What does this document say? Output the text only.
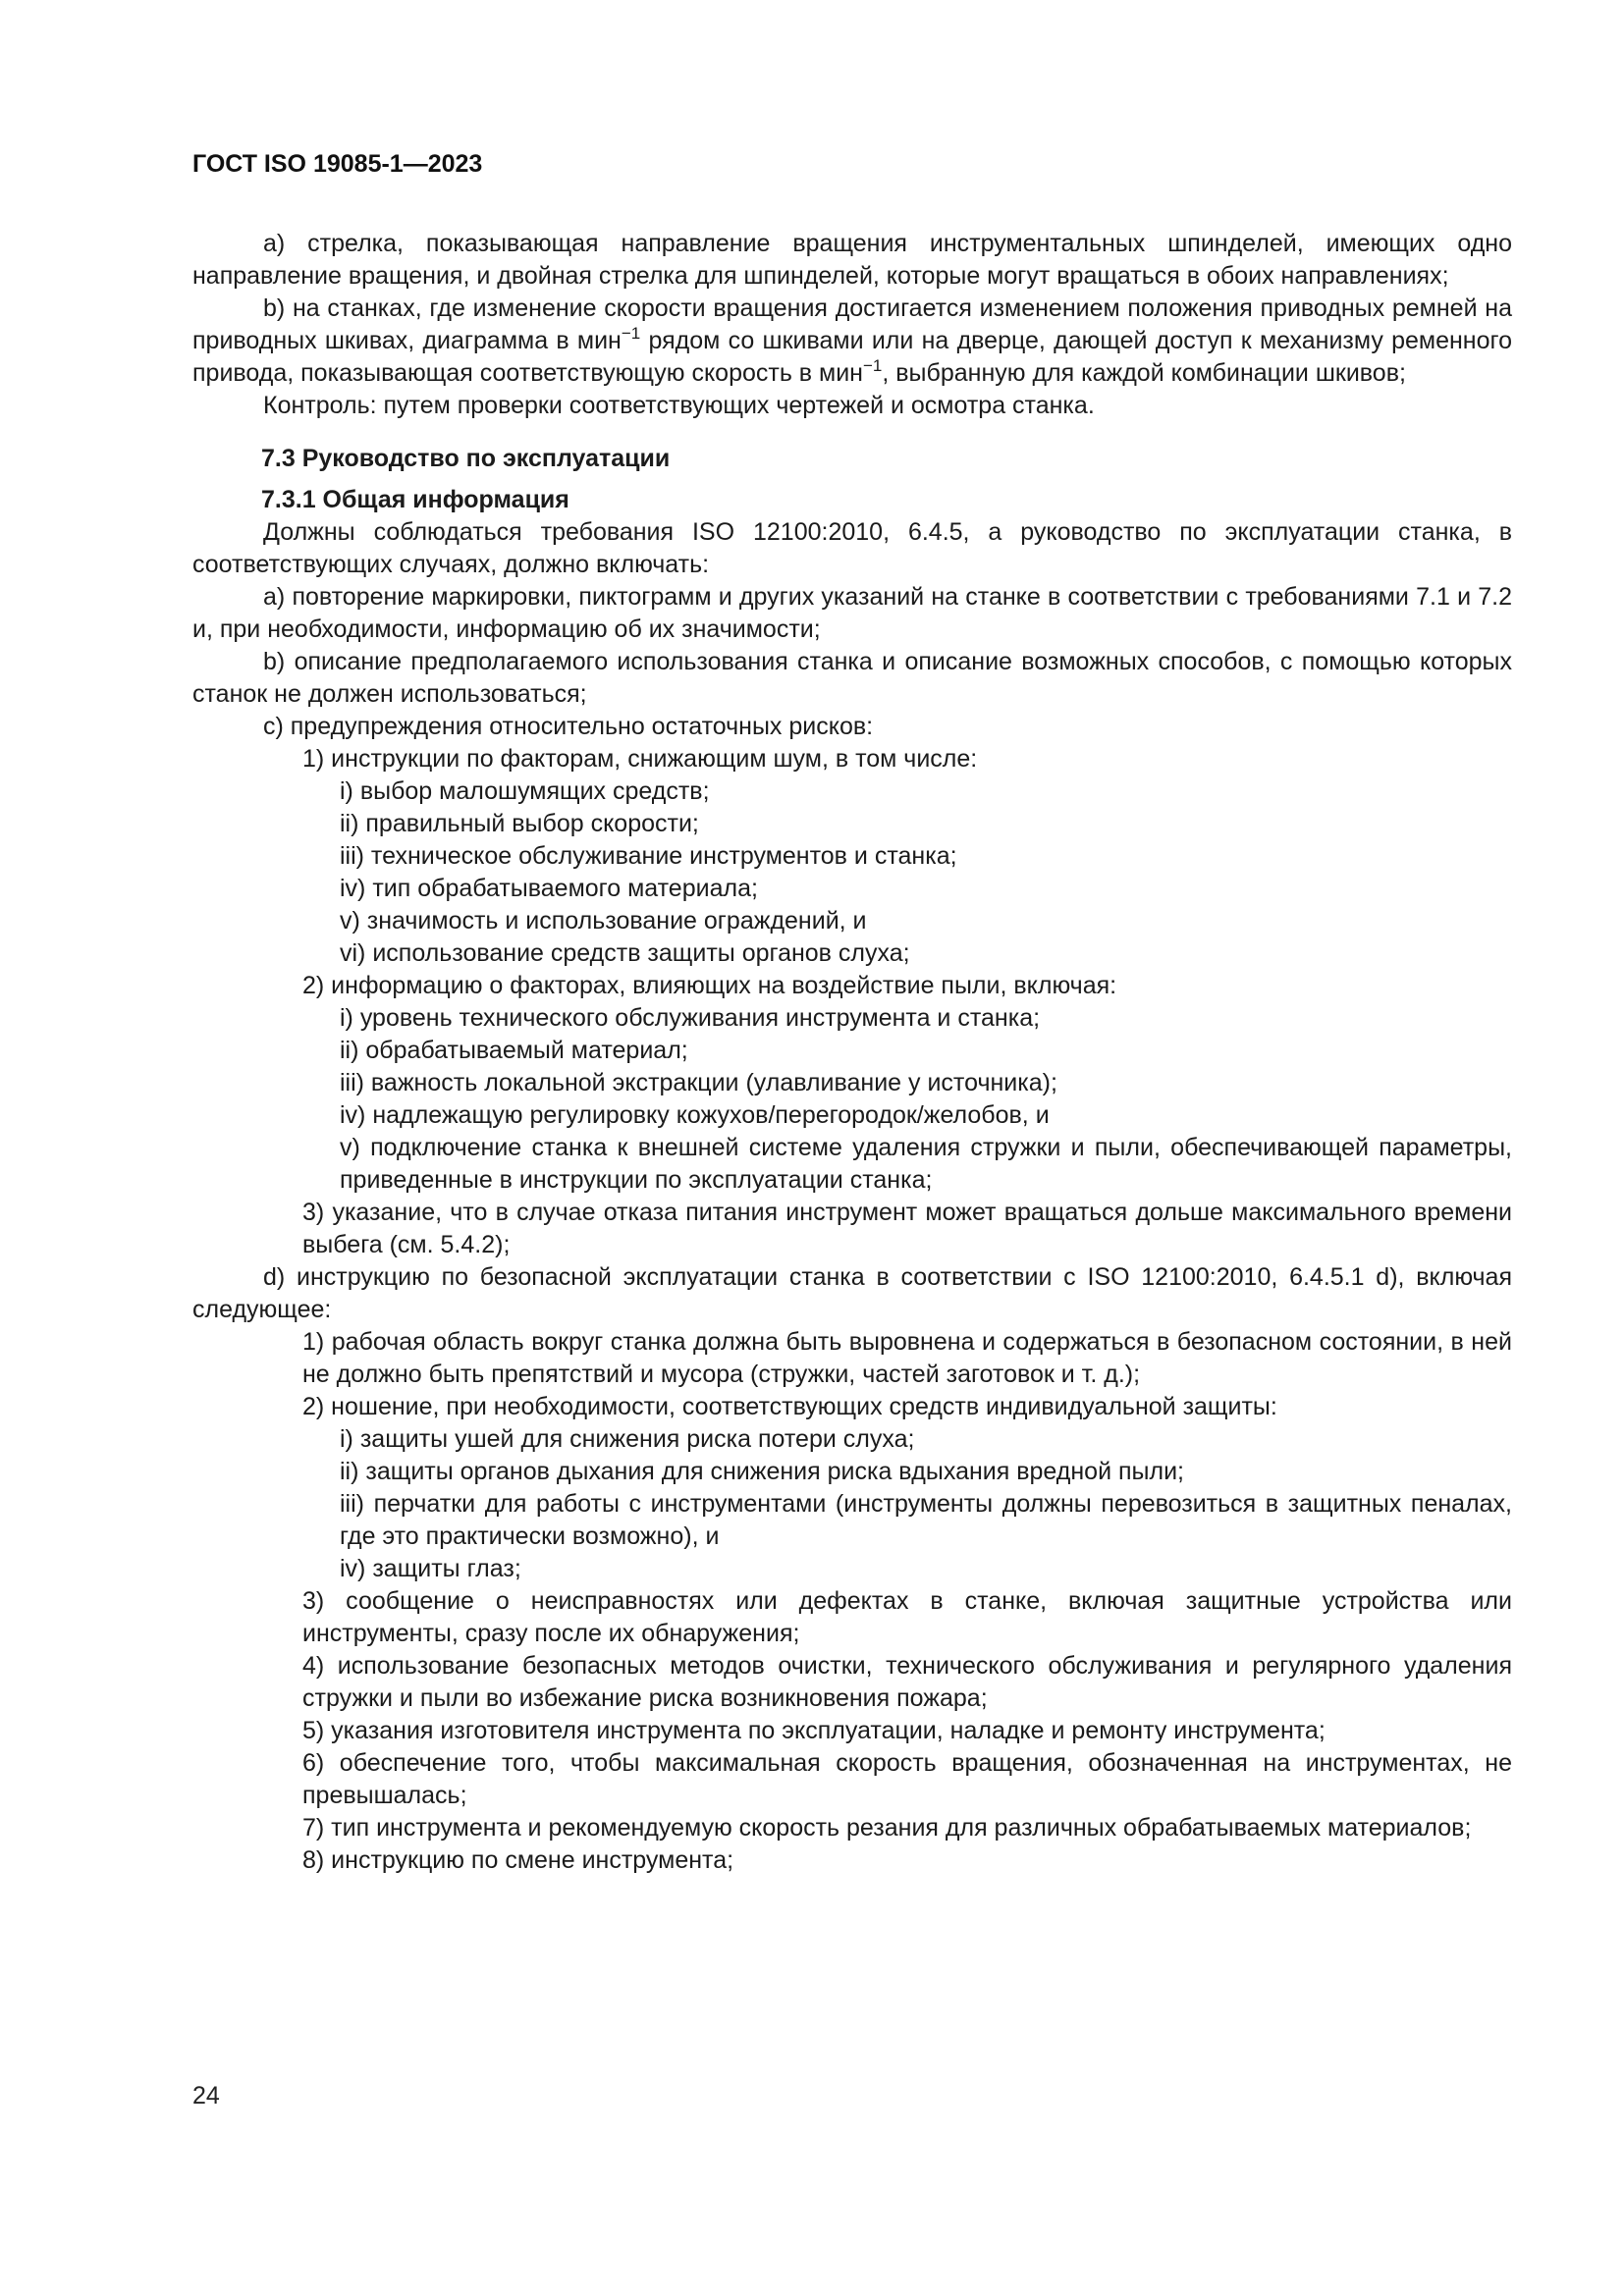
ГОСТ ISO 19085-1—2023

а) стрелка, показывающая направление вращения инструментальных шпинделей, имеющих одно направление вращения, и двойная стрелка для шпинделей, которые могут вращаться в обоих направлениях;

b) на станках, где изменение скорости вращения достигается изменением положения приводных ремней на приводных шкивах, диаграмма в мин$^{-1}$ рядом со шкивами или на дверце, дающей доступ к механизму ременного привода, показывающая соответствующую скорость в мин$^{-1}$, выбранную для каждой комбинации шкивов;

Контроль: путем проверки соответствующих чертежей и осмотра станка.

7.3 Руководство по эксплуатации

7.3.1 Общая информация

Должны соблюдаться требования ISO 12100:2010, 6.4.5, а руководство по эксплуатации станка, в соответствующих случаях, должно включать:

а) повторение маркировки, пиктограмм и других указаний на станке в соответствии с требованиями 7.1 и 7.2 и, при необходимости, информацию об их значимости;

b) описание предполагаемого использования станка и описание возможных способов, с помощью которых станок не должен использоваться;

с) предупреждения относительно остаточных рисков:

1) инструкции по факторам, снижающим шум, в том числе:

i) выбор малошумящих средств;

ii) правильный выбор скорости;

iii) техническое обслуживание инструментов и станка;

iv) тип обрабатываемого материала;

v) значимость и использование ограждений, и

vi) использование средств защиты органов слуха;

2) информацию о факторах, влияющих на воздействие пыли, включая:

i) уровень технического обслуживания инструмента и станка;

ii) обрабатываемый материал;

iii) важность локальной экстракции (улавливание у источника);

iv) надлежащую регулировку кожухов/перегородок/желобов, и

v) подключение станка к внешней системе удаления стружки и пыли, обеспечивающей параметры, приведенные в инструкции по эксплуатации станка;

3) указание, что в случае отказа питания инструмент может вращаться дольше максимального времени выбега (см. 5.4.2);

d) инструкцию по безопасной эксплуатации станка в соответствии с ISO 12100:2010, 6.4.5.1 d), включая следующее:

1) рабочая область вокруг станка должна быть выровнена и содержаться в безопасном состоянии, в ней не должно быть препятствий и мусора (стружки, частей заготовок и т. д.);

2) ношение, при необходимости, соответствующих средств индивидуальной защиты:

i) защиты ушей для снижения риска потери слуха;

ii) защиты органов дыхания для снижения риска вдыхания вредной пыли;

iii) перчатки для работы с инструментами (инструменты должны перевозиться в защитных пеналах, где это практически возможно), и

iv) защиты глаз;

3) сообщение о неисправностях или дефектах в станке, включая защитные устройства или инструменты, сразу после их обнаружения;

4) использование безопасных методов очистки, технического обслуживания и регулярного удаления стружки и пыли во избежание риска возникновения пожара;

5) указания изготовителя инструмента по эксплуатации, наладке и ремонту инструмента;

6) обеспечение того, чтобы максимальная скорость вращения, обозначенная на инструментах, не превышалась;

7) тип инструмента и рекомендуемую скорость резания для различных обрабатываемых материалов;

8) инструкцию по смене инструмента;

24
